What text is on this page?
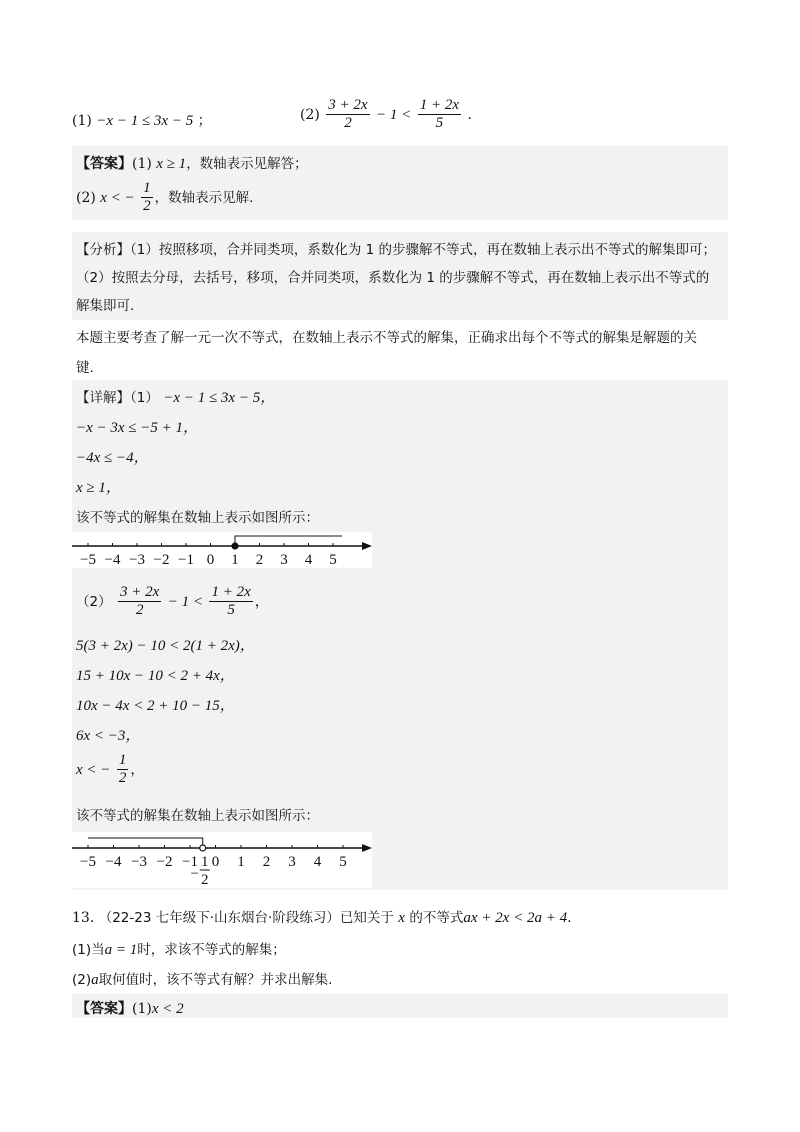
(1) −x − 1 ≤ 3x − 5 ；	$(2) \frac{3 + 2x}{2} - 1 < \frac{1 + 2x}{5}$ .
【答案】(1) x ≥ 1，数轴表示见解答；
(2) x < − $\frac{1}{2}$ ，数轴表示见解.
【分析】（1）按照移项，合并同类项，系数化为 1 的步骤解不等式，再在数轴上表示出不等式的解集即可；
（2）按照去分母，去括号，移项，合并同类项，系数化为 1 的步骤解不等式，再在数轴上表示出不等式的
解集即可.
本题主要考查了解一元一次不等式，在数轴上表示不等式的解集，正确求出每个不等式的解集是解题的关
键.
【详解】（1） −x − 1 ≤ 3x − 5，
−x − 3x ≤ −5 + 1，
−4x ≤ −4，
x ≥ 1，
该不等式的解集在数轴上表示如图所示：
−5 −4 −3 −2 −1 0 1 2 3 4 5
$(2) \frac{3 + 2x}{2} - 1 < \frac{1 + 2x}{5}$ ，
5(3 + 2x) − 10 < 2(1 + 2x)，
15 + 10x − 10 < 2 + 4x，
10x − 4x < 2 + 10 − 15，
6x < −3，
x < − $\frac{1}{2}$ ，
该不等式的解集在数轴上表示如图所示：
−5 −4 −3 −2 −1 0 1 2 3 4 5
−
1
2
13. （22-23 七年级下·山东烟台·阶段练习）已知关于 x 的不等式ax + 2x < 2a + 4.
(1)当a = 1时，求该不等式的解集；
(2)a取何值时，该不等式有解？并求出解集.
【答案】(1)x < 2
